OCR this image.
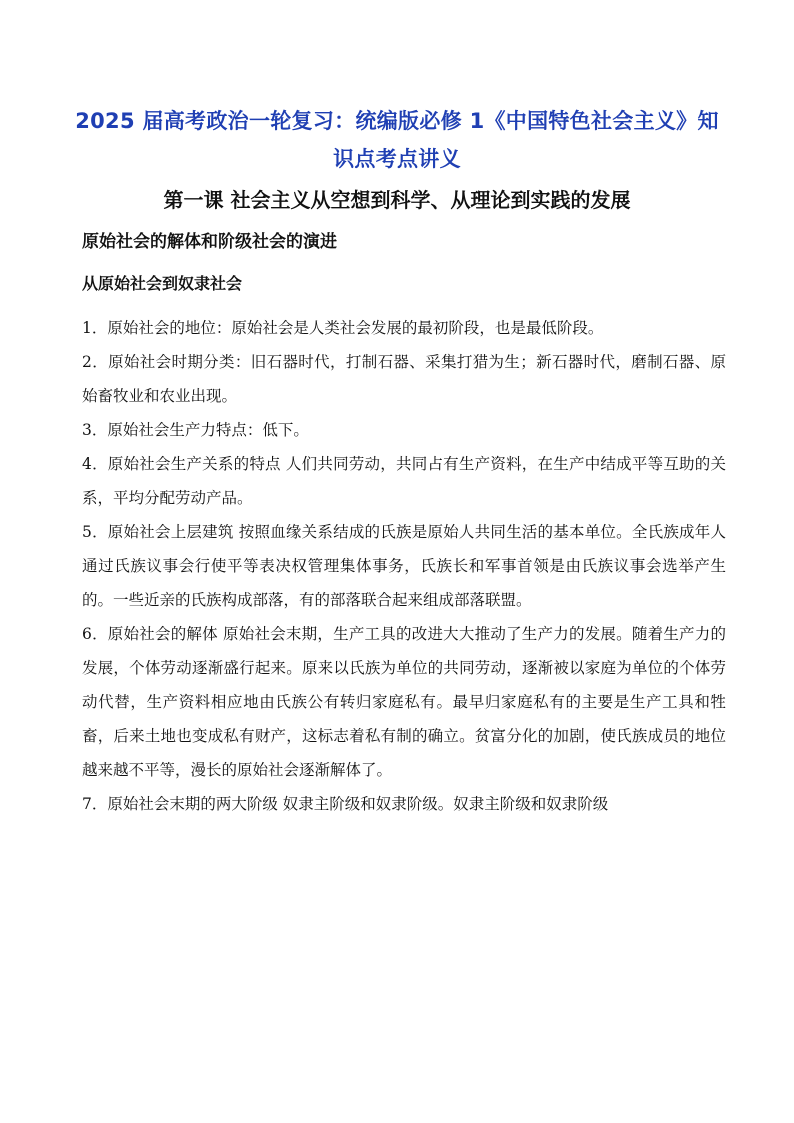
2025 届高考政治一轮复习：统编版必修 1《中国特色社会主义》知识点考点讲义
第一课 社会主义从空想到科学、从理论到实践的发展
原始社会的解体和阶级社会的演进
从原始社会到奴隶社会

1．原始社会的地位：原始社会是人类社会发展的最初阶段，也是最低阶段。

2．原始社会时期分类：旧石器时代，打制石器、采集打猎为生；新石器时代，磨制石器、原始畜牧业和农业出现。

3．原始社会生产力特点：低下。

4．原始社会生产关系的特点 人们共同劳动，共同占有生产资料，在生产中结成平等互助的关系，平均分配劳动产品。

5．原始社会上层建筑 按照血缘关系结成的氏族是原始人共同生活的基本单位。全氏族成年人通过氏族议事会行使平等表决权管理集体事务，氏族长和军事首领是由氏族议事会选举产生的。一些近亲的氏族构成部落，有的部落联合起来组成部落联盟。

6．原始社会的解体 原始社会末期，生产工具的改进大大推动了生产力的发展。随着生产力的发展，个体劳动逐渐盛行起来。原来以氏族为单位的共同劳动，逐渐被以家庭为单位的个体劳动代替，生产资料相应地由氏族公有转归家庭私有。最早归家庭私有的主要是生产工具和牲畜，后来土地也变成私有财产，这标志着私有制的确立。贫富分化的加剧，使氏族成员的地位越来越不平等，漫长的原始社会逐渐解体了。

7．原始社会末期的两大阶级 奴隶主阶级和奴隶阶级。奴隶主阶级和奴隶阶级
